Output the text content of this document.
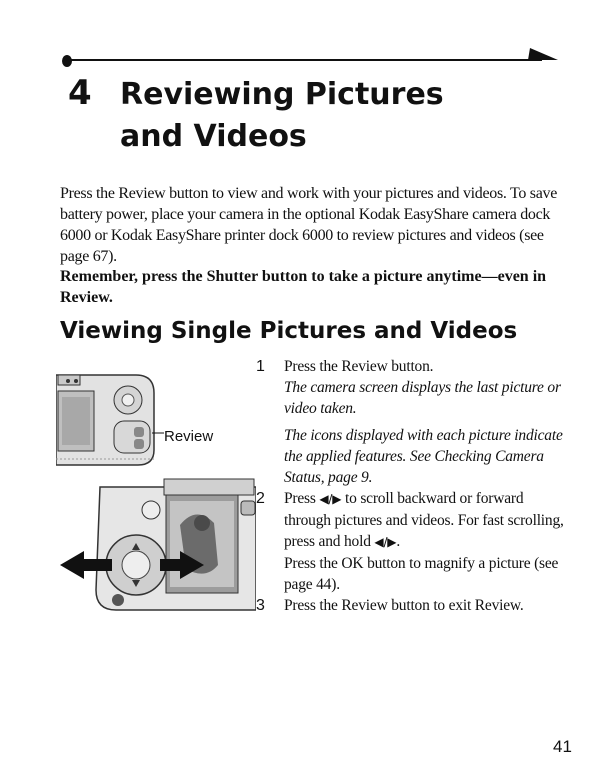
4 Reviewing Pictures and Videos
Press the Review button to view and work with your pictures and videos. To save battery power, place your camera in the optional Kodak EasyShare camera dock 6000 or Kodak EasyShare printer dock 6000 to review pictures and videos (see page 67).
Remember, press the Shutter button to take a picture anytime—even in Review.
Viewing Single Pictures and Videos
Review
1 Press the Review button.
The camera screen displays the last picture or video taken.
The icons displayed with each picture indicate the applied features. See Checking Camera Status, page 9.
2 Press ◀/▶ to scroll backward or forward through pictures and videos. For fast scrolling, press and hold ◀/▶.
Press the OK button to magnify a picture (see page 44).
3 Press the Review button to exit Review.
41
